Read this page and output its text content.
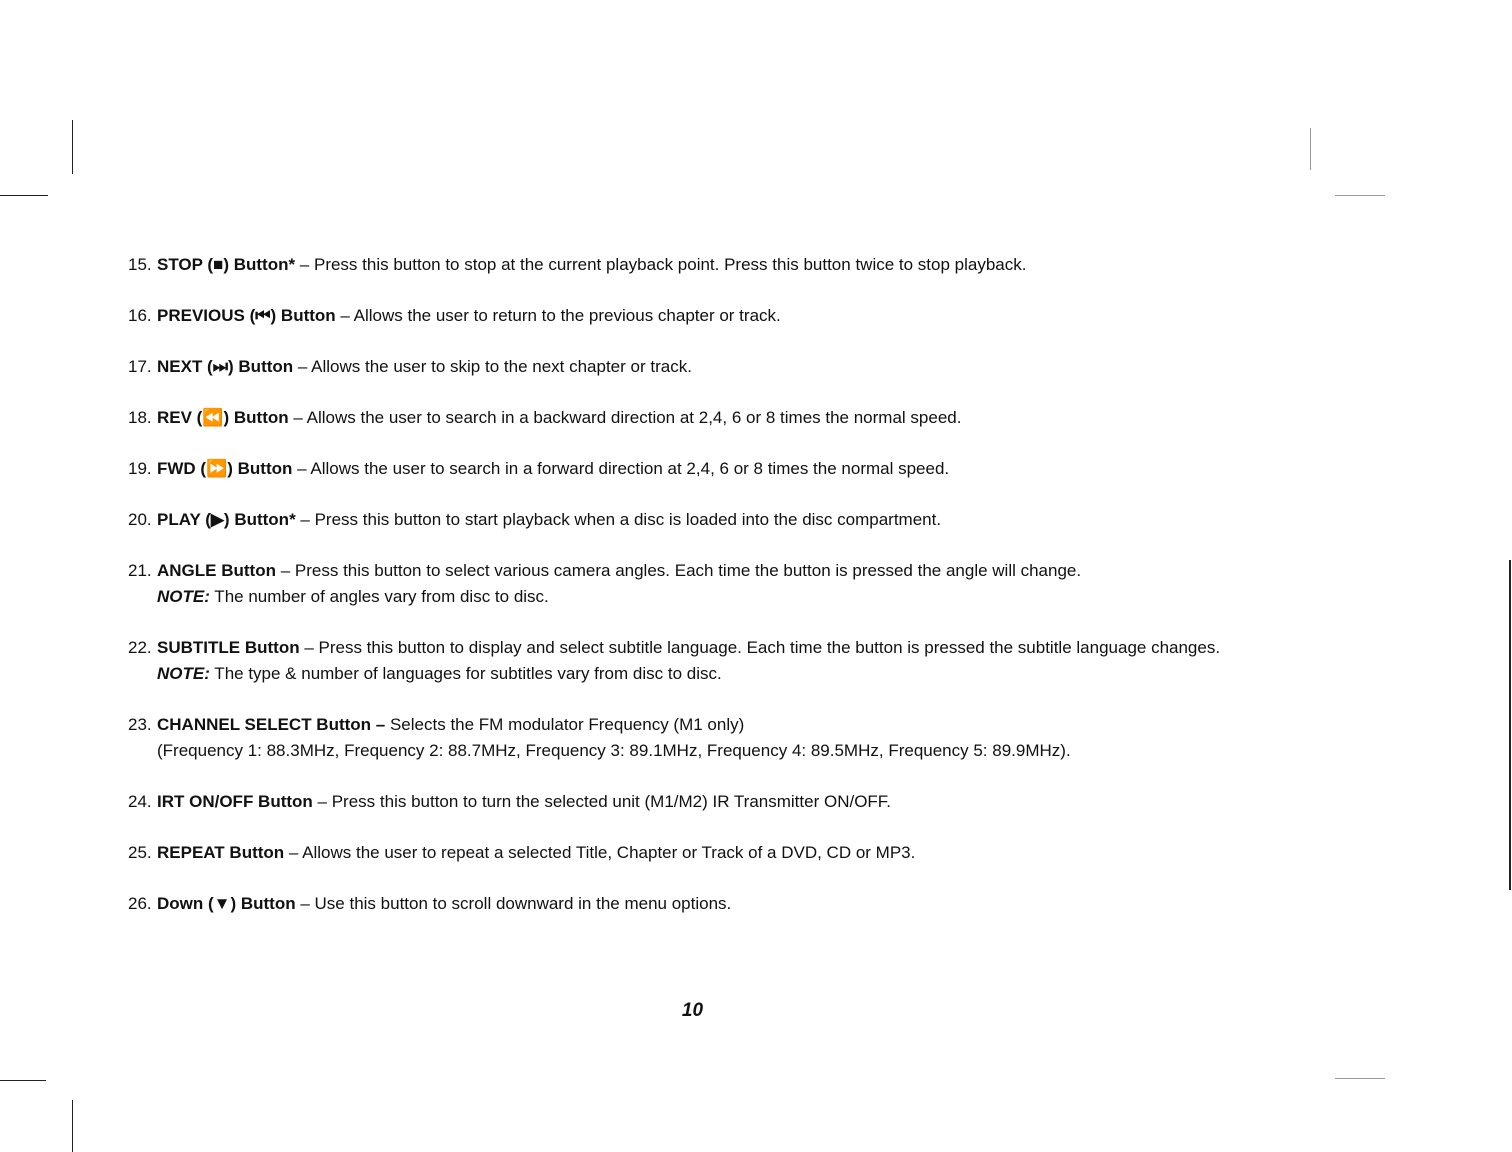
15. STOP (■) Button* – Press this button to stop at the current playback point. Press this button twice to stop playback.
16. PREVIOUS (⏮) Button – Allows the user to return to the previous chapter or track.
17. NEXT (⏭) Button – Allows the user to skip to the next chapter or track.
18. REV (⏪) Button – Allows the user to search in a backward direction at 2,4, 6 or 8 times the normal speed.
19. FWD (⏩) Button – Allows the user to search in a forward direction at 2,4, 6 or 8 times the normal speed.
20. PLAY (▶) Button* – Press this button to start playback when a disc is loaded into the disc compartment.
21. ANGLE Button – Press this button to select various camera angles. Each time the button is pressed the angle will change.
NOTE: The number of angles vary from disc to disc.
22. SUBTITLE Button – Press this button to display and select subtitle language. Each time the button is pressed the subtitle language changes.
NOTE: The type & number of languages for subtitles vary from disc to disc.
23. CHANNEL SELECT Button – Selects the FM modulator Frequency (M1 only)
(Frequency 1: 88.3MHz, Frequency 2: 88.7MHz, Frequency 3: 89.1MHz, Frequency 4: 89.5MHz, Frequency 5: 89.9MHz).
24. IRT ON/OFF Button – Press this button to turn the selected unit (M1/M2) IR Transmitter ON/OFF.
25. REPEAT Button – Allows the user to repeat a selected Title, Chapter or Track of a DVD, CD or MP3.
26. Down (▼) Button – Use this button to scroll downward in the menu options.
10
